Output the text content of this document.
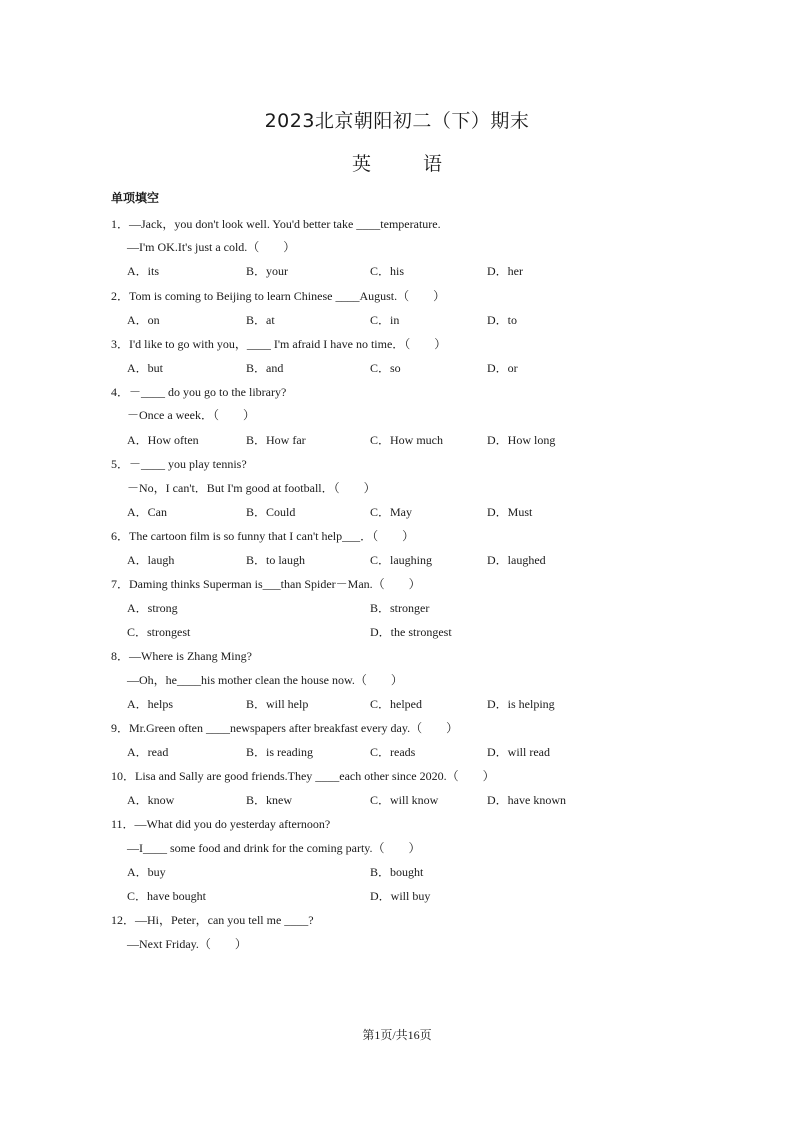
2023北京朝阳初二（下）期末
英	语
单项填空
1．—Jack，you don't look well. You'd better take ____temperature.
—I'm OK.It's just a cold.（　　）
A．its	B．your	C．his	D．her
2．Tom is coming to Beijing to learn Chinese ____August.（　　）
A．on	B．at	C．in	D．to
3．I'd like to go with you，____ I'm afraid I have no time．（　　）
A．but	B．and	C．so	D．or
4．－____ do you go to the library?
－Once a week．（　　）
A．How often	B．How far	C．How much	D．How long
5．－____ you play tennis?
－No，I can't．But I'm good at football．（　　）
A．Can	B．Could	C．May	D．Must
6．The cartoon film is so funny that I can't help___．（　　）
A．laugh	B．to laugh	C．laughing	D．laughed
7．Daming thinks Superman is___than Spider－Man.（　　）
A．strong	B．stronger
C．strongest	D．the strongest
8．—Where is Zhang Ming?
—Oh，he____his mother clean the house now.（　　）
A．helps	B．will help	C．helped	D．is helping
9．Mr.Green often ____newspapers after breakfast every day.（　　）
A．read	B．is reading	C．reads	D．will read
10．Lisa and Sally are good friends.They ____each other since 2020.（　　）
A．know	B．knew	C．will know	D．have known
11．—What did you do yesterday afternoon?
—I____ some food and drink for the coming party.（　　）
A．buy	B．bought
C．have bought	D．will buy
12．—Hi，Peter，can you tell me ____?
—Next Friday.（　　）
第1页/共16页
